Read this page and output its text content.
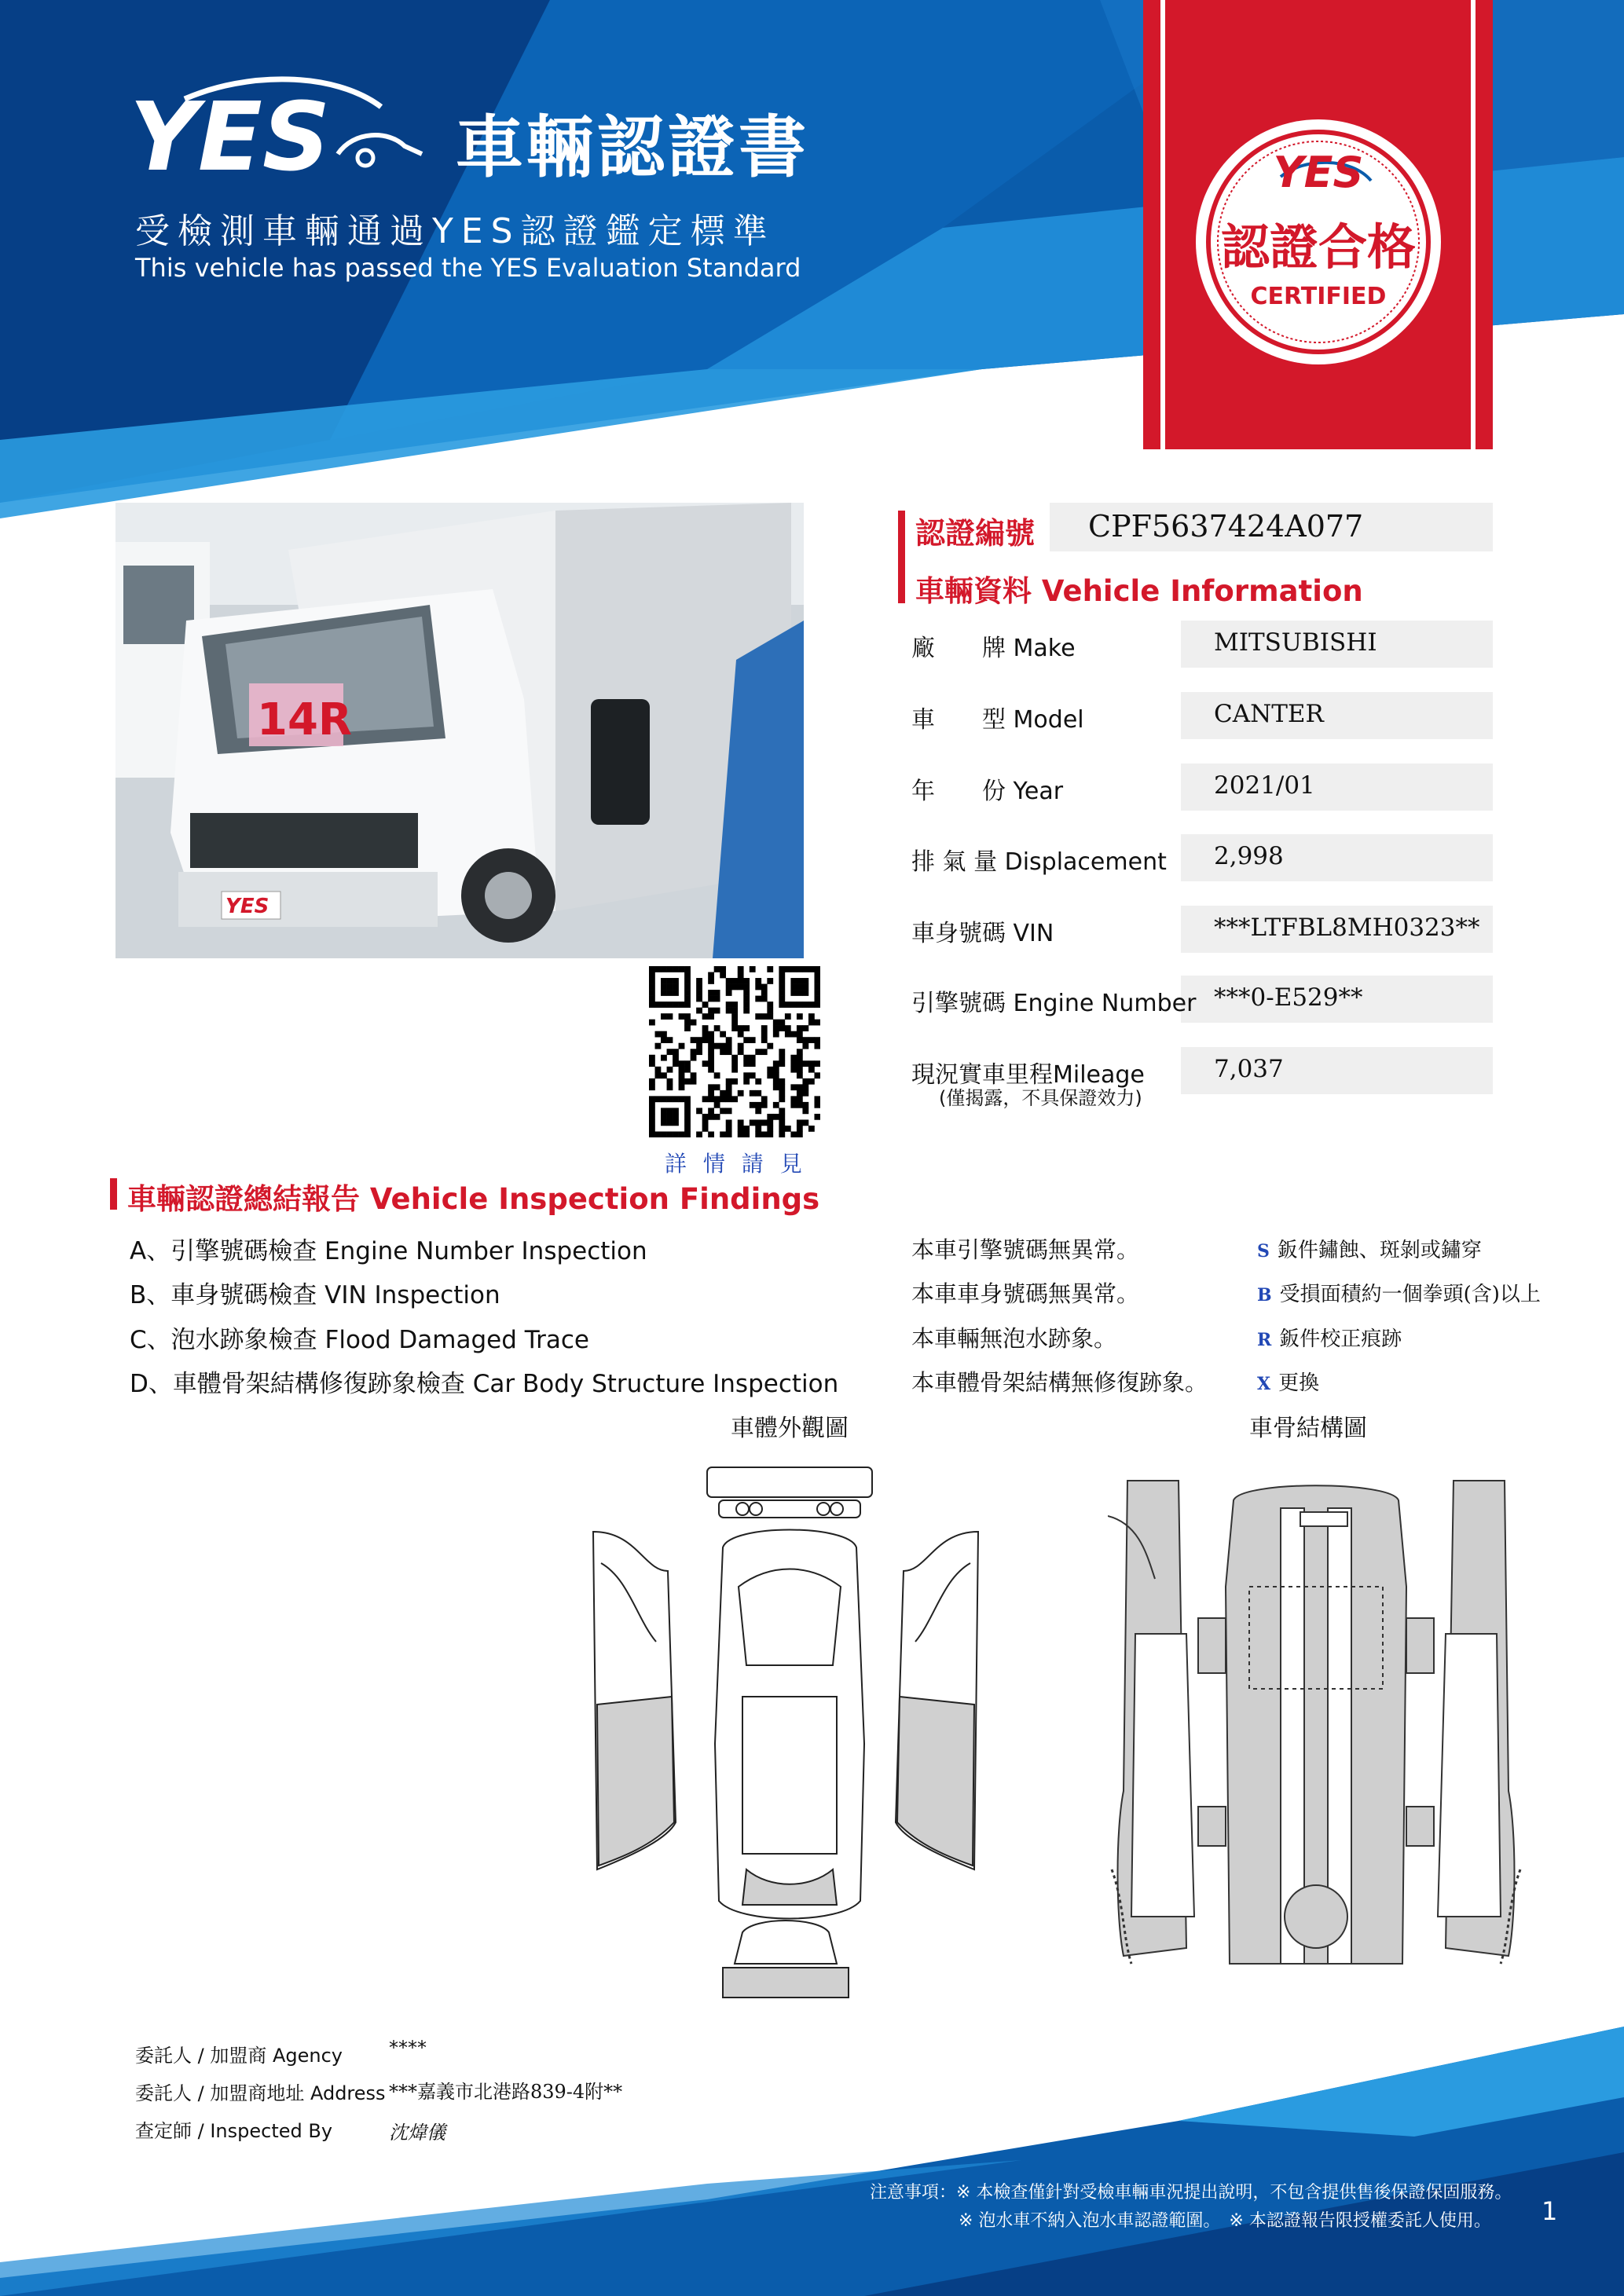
YES 車輛認證書
受檢測車輛通過YES認證鑑定標準
This vehicle has passed the YES Evaluation Standard
YES
認證合格
CERTIFIED
14R
YES
詳 情 請 見
認證編號 CPF5637424A077
車輛資料 Vehicle Information
廠　　牌 Make	MITSUBISHI
車　　型 Model	CANTER
年　　份 Year	2021/01
排 氣 量 Displacement 2,998
車身號碼 VIN	***LTFBL8MH0323**
引擎號碼 Engine Number ***0-E529**
現況實車里程Mileage	7,037
(僅揭露，不具保證效力)
車輛認證總結報告 Vehicle Inspection Findings
A、引擎號碼檢查 Engine Number Inspection	本車引擎號碼無異常。
B、車身號碼檢查 VIN Inspection	本車車身號碼無異常。
C、泡水跡象檢查 Flood Damaged Trace	本車輛無泡水跡象。
D、車體骨架結構修復跡象檢查 Car Body Structure Inspection	本車體骨架結構無修復跡象。
S 鈑件鏽蝕、斑剝或鏽穿
B 受損面積約一個拳頭(含)以上
R 鈑件校正痕跡
X 更換
車體外觀圖	車骨結構圖
委託人 / 加盟商 Agency ****
委託人 / 加盟商地址 Address ***嘉義市北港路839-4附**
查定師 / Inspected By	沈煒儀
注意事項：※ 本檢查僅針對受檢車輛車況提出說明，不包含提供售後保證保固服務。
※ 泡水車不納入泡水車認證範圍。　※ 本認證報告限授權委託人使用。 1
